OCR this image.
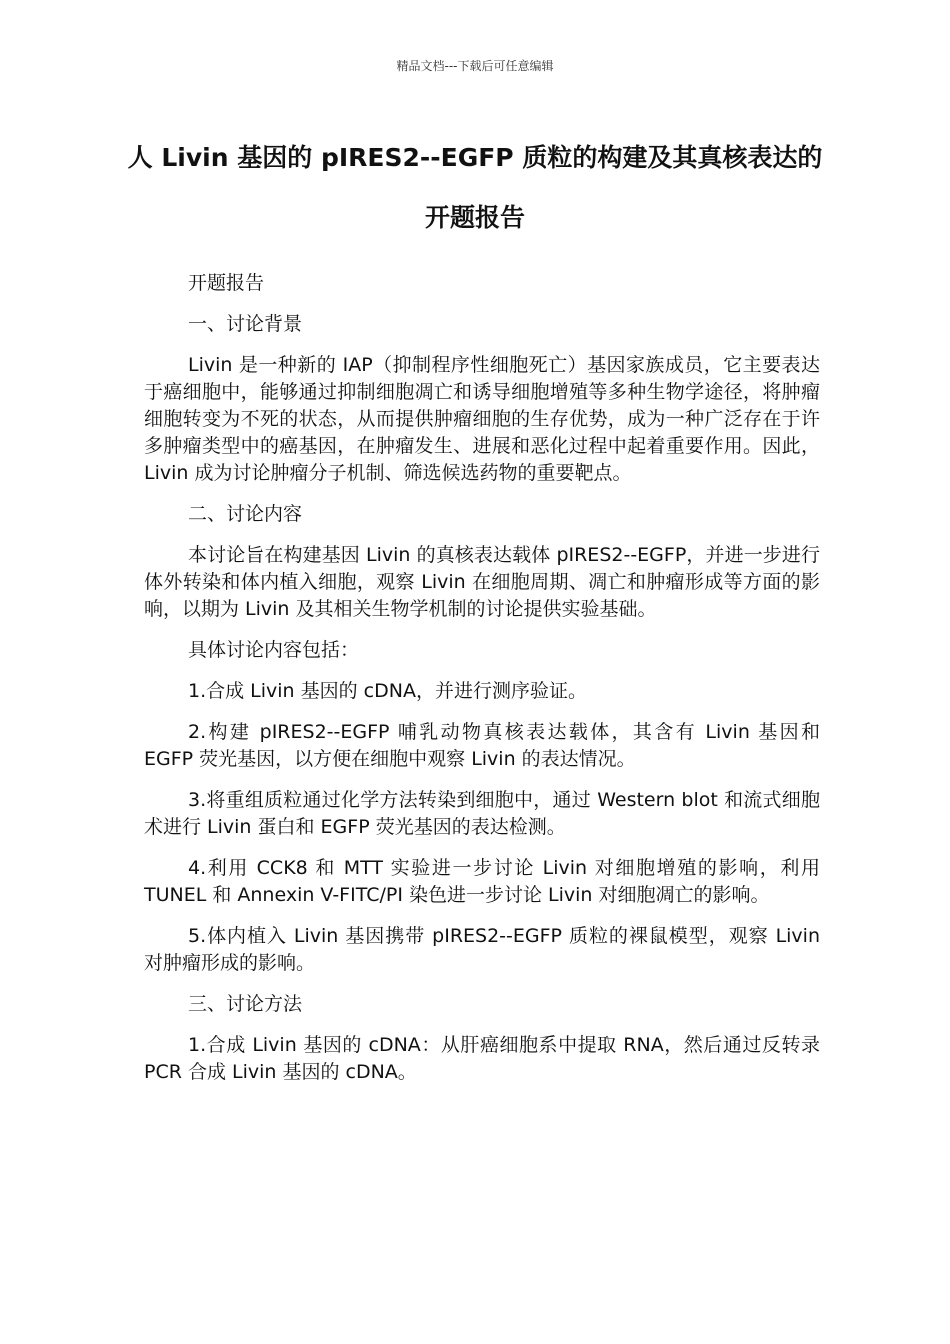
精品文档---下载后可任意编辑
人 Livin 基因的 pIRES2--EGFP 质粒的构建及其真核表达的开题报告

开题报告

一、讨论背景

Livin 是一种新的 IAP（抑制程序性细胞死亡）基因家族成员，它主要表达于癌细胞中，能够通过抑制细胞凋亡和诱导细胞增殖等多种生物学途径，将肿瘤细胞转变为不死的状态，从而提供肿瘤细胞的生存优势，成为一种广泛存在于许多肿瘤类型中的癌基因，在肿瘤发生、进展和恶化过程中起着重要作用。因此，Livin 成为讨论肿瘤分子机制、筛选候选药物的重要靶点。

二、讨论内容

本讨论旨在构建基因 Livin 的真核表达载体 pIRES2--EGFP，并进一步进行体外转染和体内植入细胞，观察 Livin 在细胞周期、凋亡和肿瘤形成等方面的影响，以期为 Livin 及其相关生物学机制的讨论提供实验基础。

具体讨论内容包括：

1.合成 Livin 基因的 cDNA，并进行测序验证。

2.构建 pIRES2--EGFP 哺乳动物真核表达载体，其含有 Livin 基因和 EGFP 荧光基因，以方便在细胞中观察 Livin 的表达情况。

3.将重组质粒通过化学方法转染到细胞中，通过 Western blot 和流式细胞术进行 Livin 蛋白和 EGFP 荧光基因的表达检测。

4.利用 CCK8 和 MTT 实验进一步讨论 Livin 对细胞增殖的影响，利用 TUNEL 和 Annexin V-FITC/PI 染色进一步讨论 Livin 对细胞凋亡的影响。

5.体内植入 Livin 基因携带 pIRES2--EGFP 质粒的裸鼠模型，观察 Livin 对肿瘤形成的影响。

三、讨论方法

1.合成 Livin 基因的 cDNA：从肝癌细胞系中提取 RNA，然后通过反转录 PCR 合成 Livin 基因的 cDNA。
